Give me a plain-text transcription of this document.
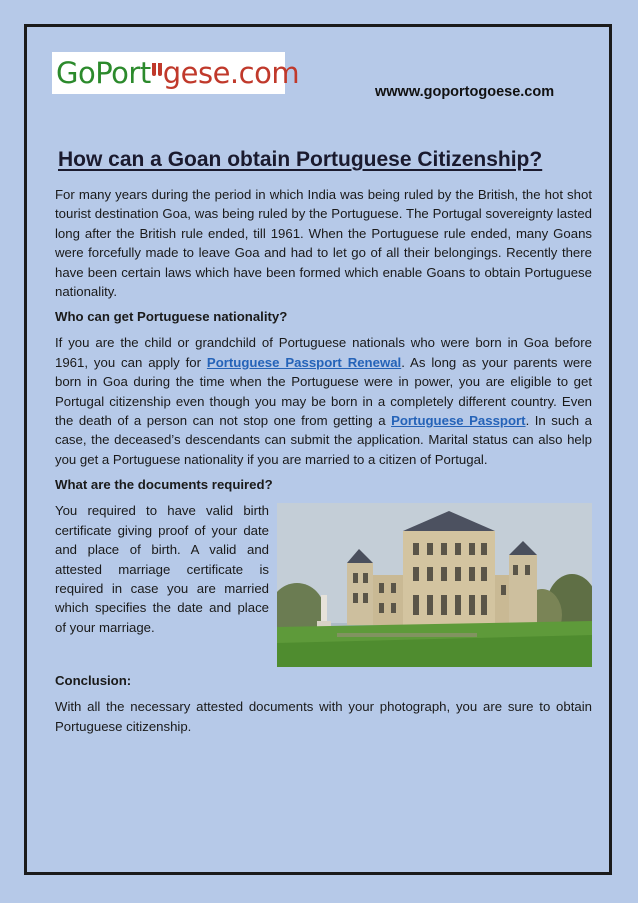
Go Port gese.com
wwww.goportogoese.com
How can a Goan obtain Portuguese Citizenship?

For many years during the period in which India was being ruled by the British, the hot shot tourist destination Goa, was being ruled by the Portuguese. The Portugal sovereignty lasted long after the British rule ended, till 1961. When the Portuguese rule ended, many Goans were forcefully made to leave Goa and had to let go of all their belongings. Recently there have been certain laws which have been formed which enable Goans to obtain Portuguese nationality.

Who can get Portuguese nationality?

If you are the child or grandchild of Portuguese nationals who were born in Goa before 1961, you can apply for Portuguese Passport Renewal. As long as your parents were born in Goa during the time when the Portuguese were in power, you are eligible to get Portugal citizenship even though you may be born in a completely different country. Even the death of a person can not stop one from getting a Portuguese Passport. In such a case, the deceased’s descendants can submit the application. Marital status can also help you get a Portuguese nationality if you are married to a citizen of Portugal.

What are the documents required?

You required to have valid birth certificate giving proof of your date and place of birth. A valid and attested marriage certificate is required in case you are married which specifies the date and place of your marriage.

Conclusion:

With all the necessary attested documents with your photograph, you are sure to obtain Portuguese citizenship.
